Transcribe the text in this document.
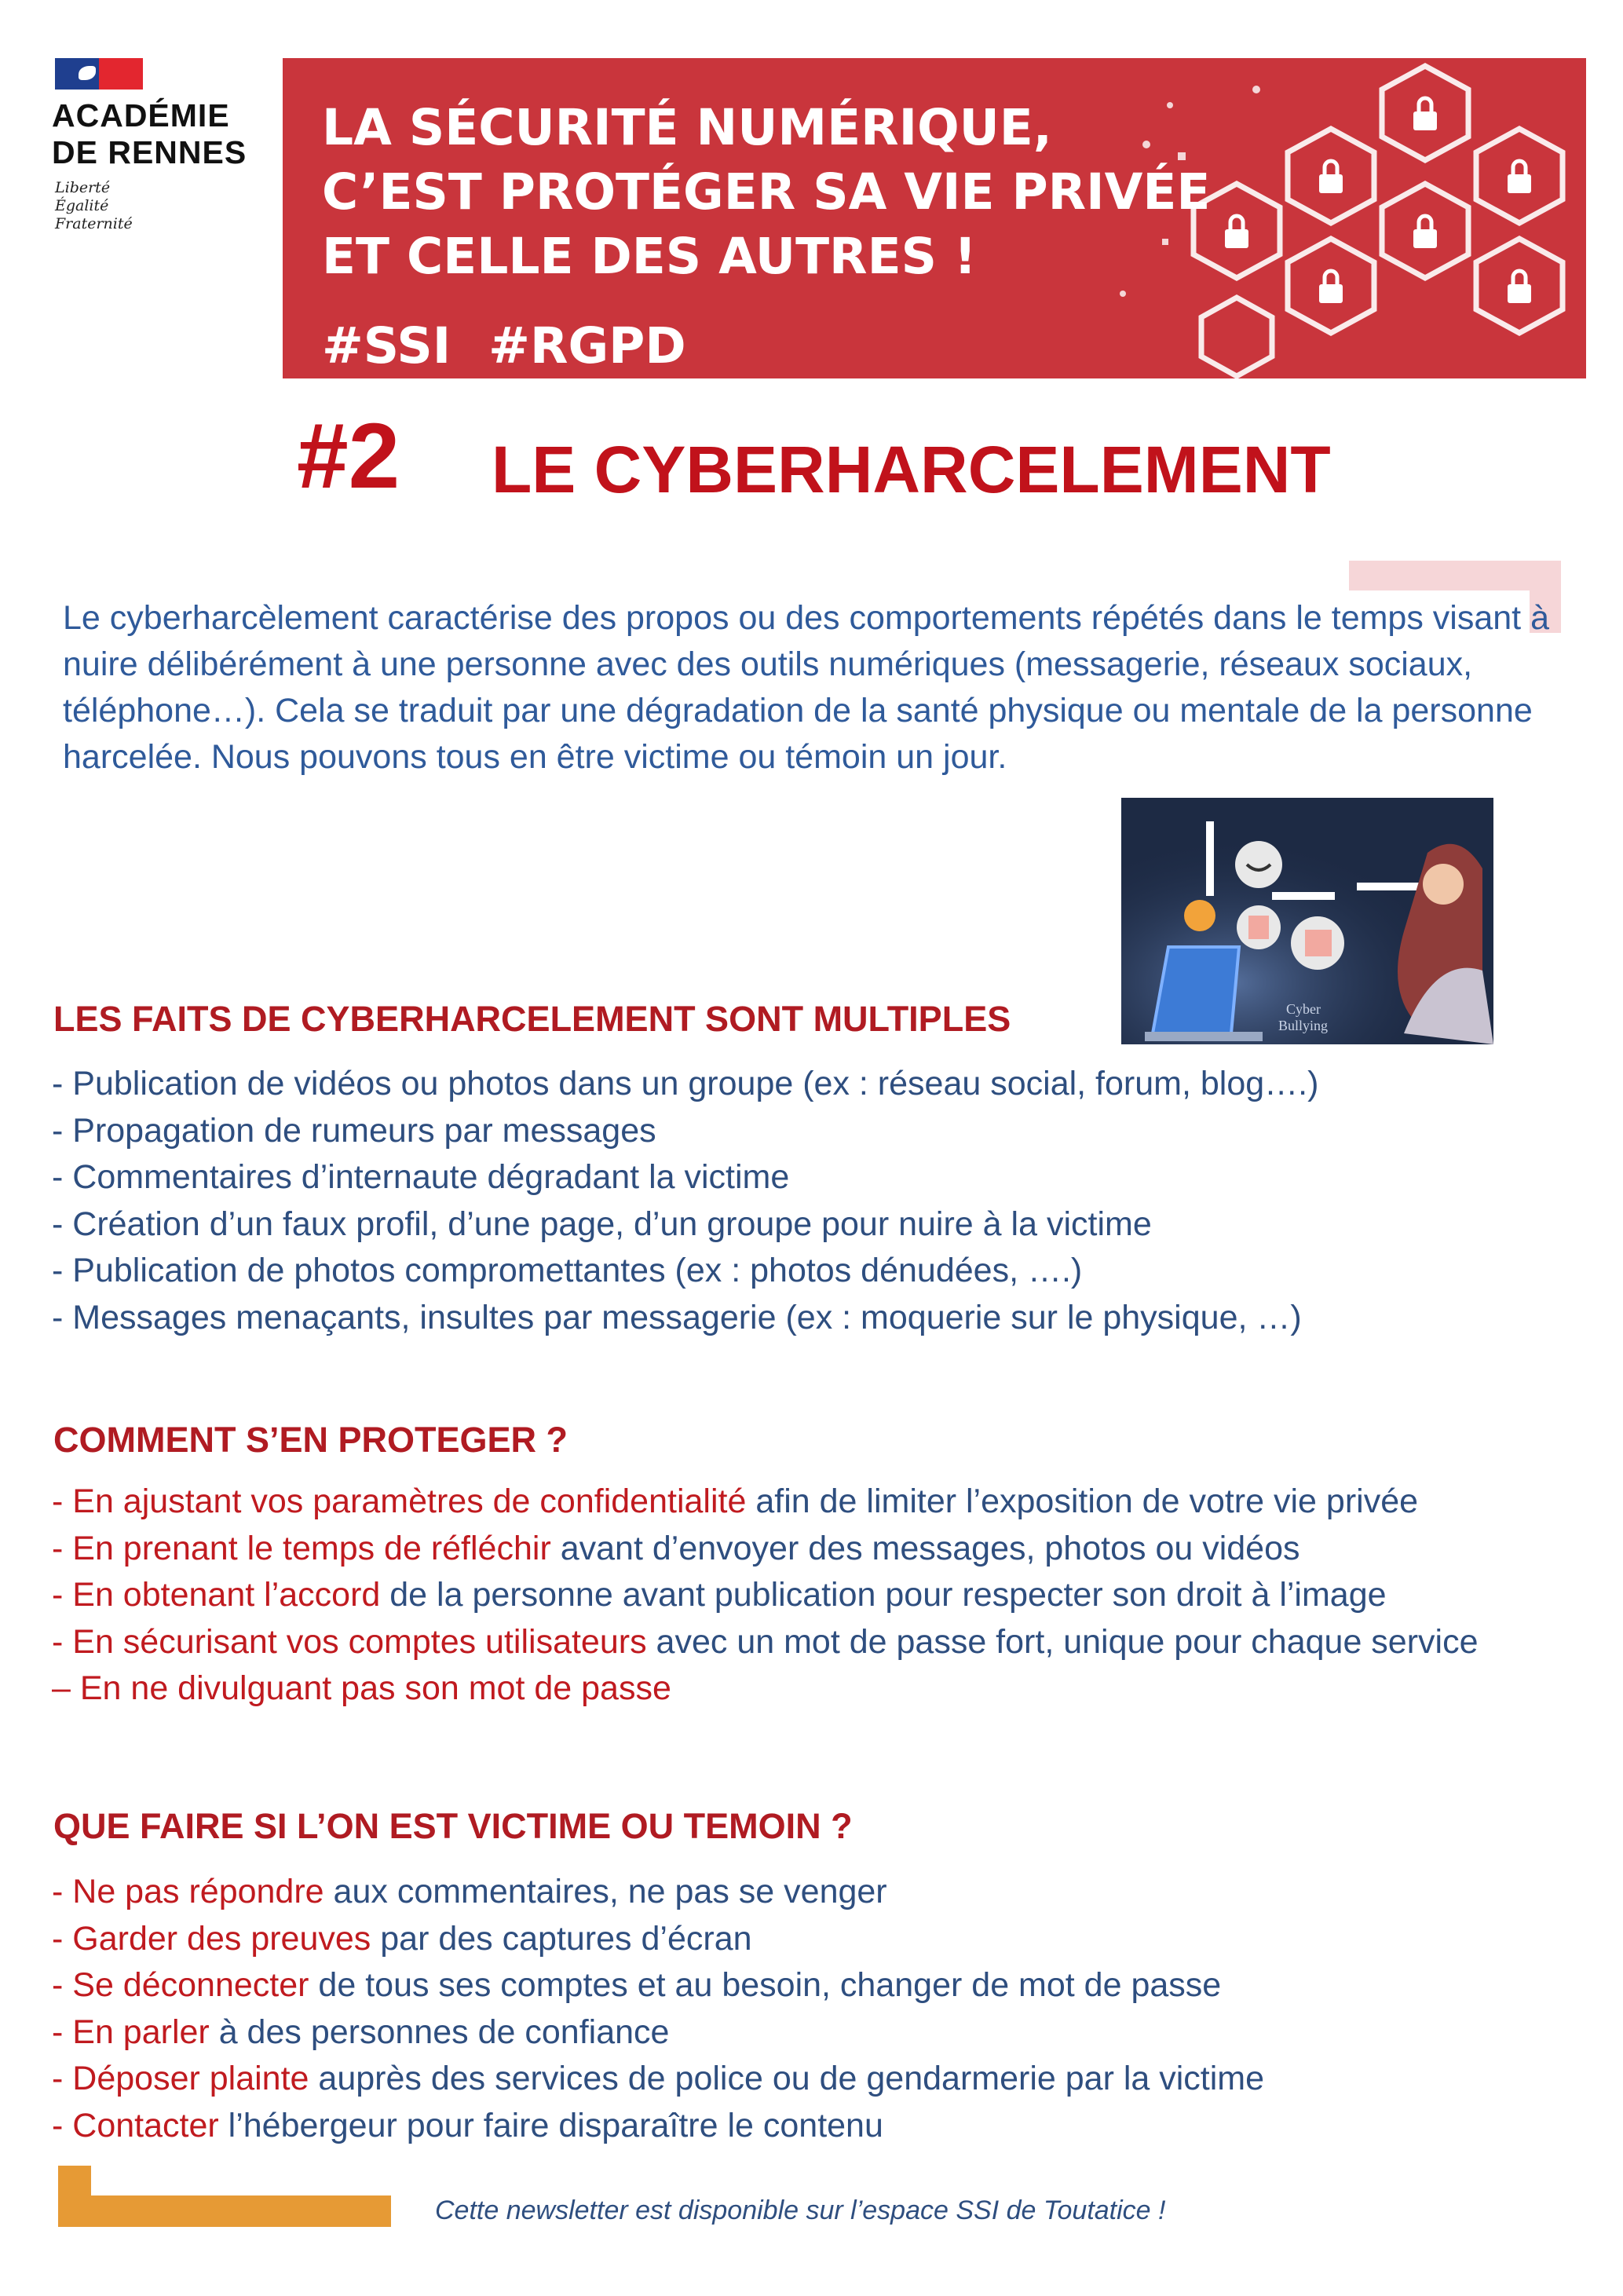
ACADÉMIE
DE RENNES
Liberté
Égalité
Fraternité
LA SÉCURITÉ NUMÉRIQUE,
C’EST PROTÉGER SA VIE PRIVÉE
ET CELLE DES AUTRES !
#SSI #RGPD
#2 LE CYBERHARCELEMENT
Le cyberharcèlement caractérise des propos ou des comportements répétés dans le temps visant à nuire délibérément à une personne avec des outils numériques (messagerie, réseaux sociaux, téléphone…). Cela se traduit par une dégradation de la santé physique ou mentale de la personne harcelée. Nous pouvons tous en être victime ou témoin un jour.
Cyber
Bullying
LES FAITS DE CYBERHARCELEMENT SONT MULTIPLES
- Publication de vidéos ou photos dans un groupe (ex : réseau social, forum, blog….)
- Propagation de rumeurs par messages
- Commentaires d’internaute dégradant la victime
- Création d’un faux profil, d’une page, d’un groupe pour nuire à la victime
- Publication de photos compromettantes (ex : photos dénudées, ….)
- Messages menaçants, insultes par messagerie (ex : moquerie sur le physique, …)
COMMENT S’EN PROTEGER ?
- En ajustant vos paramètres de confidentialité afin de limiter l’exposition de votre vie privée
- En prenant le temps de réfléchir avant d’envoyer des messages, photos ou vidéos
- En obtenant l’accord de la personne avant publication pour respecter son droit à l’image
- En sécurisant vos comptes utilisateurs avec un mot de passe fort, unique pour chaque service
– En ne divulguant pas son mot de passe
QUE FAIRE SI L’ON EST VICTIME OU TEMOIN ?
- Ne pas répondre aux commentaires, ne pas se venger
- Garder des preuves par des captures d’écran
- Se déconnecter de tous ses comptes et au besoin, changer de mot de passe
- En parler à des personnes de confiance
- Déposer plainte auprès des services de police ou de gendarmerie par la victime
- Contacter l’hébergeur pour faire disparaître le contenu
Cette newsletter est disponible sur l’espace SSI de Toutatice !
